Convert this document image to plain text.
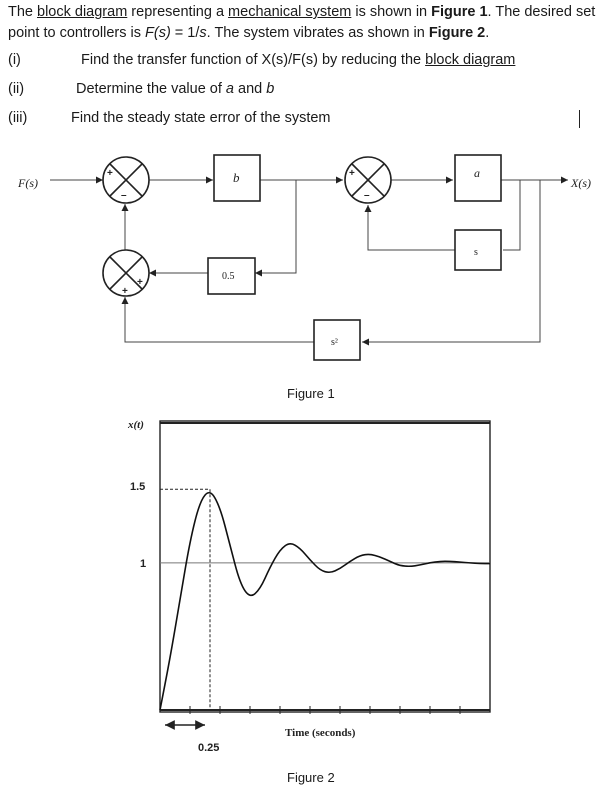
The block diagram representing a mechanical system is shown in Figure 1. The desired set point to controllers is F(s) = 1/s. The system vibrates as shown in Figure 2.
(i)	Find the transfer function of X(s)/F(s) by reducing the block diagram
(ii)	Determine the value of a and b
(iii)	Find the steady state error of the system
F(s)	X(s)
b
0.5
a
s
s²
+
–
+
+
+
–
x(t)
1.5
1
0.25
Time (seconds)
Figure 1
Figure 2
